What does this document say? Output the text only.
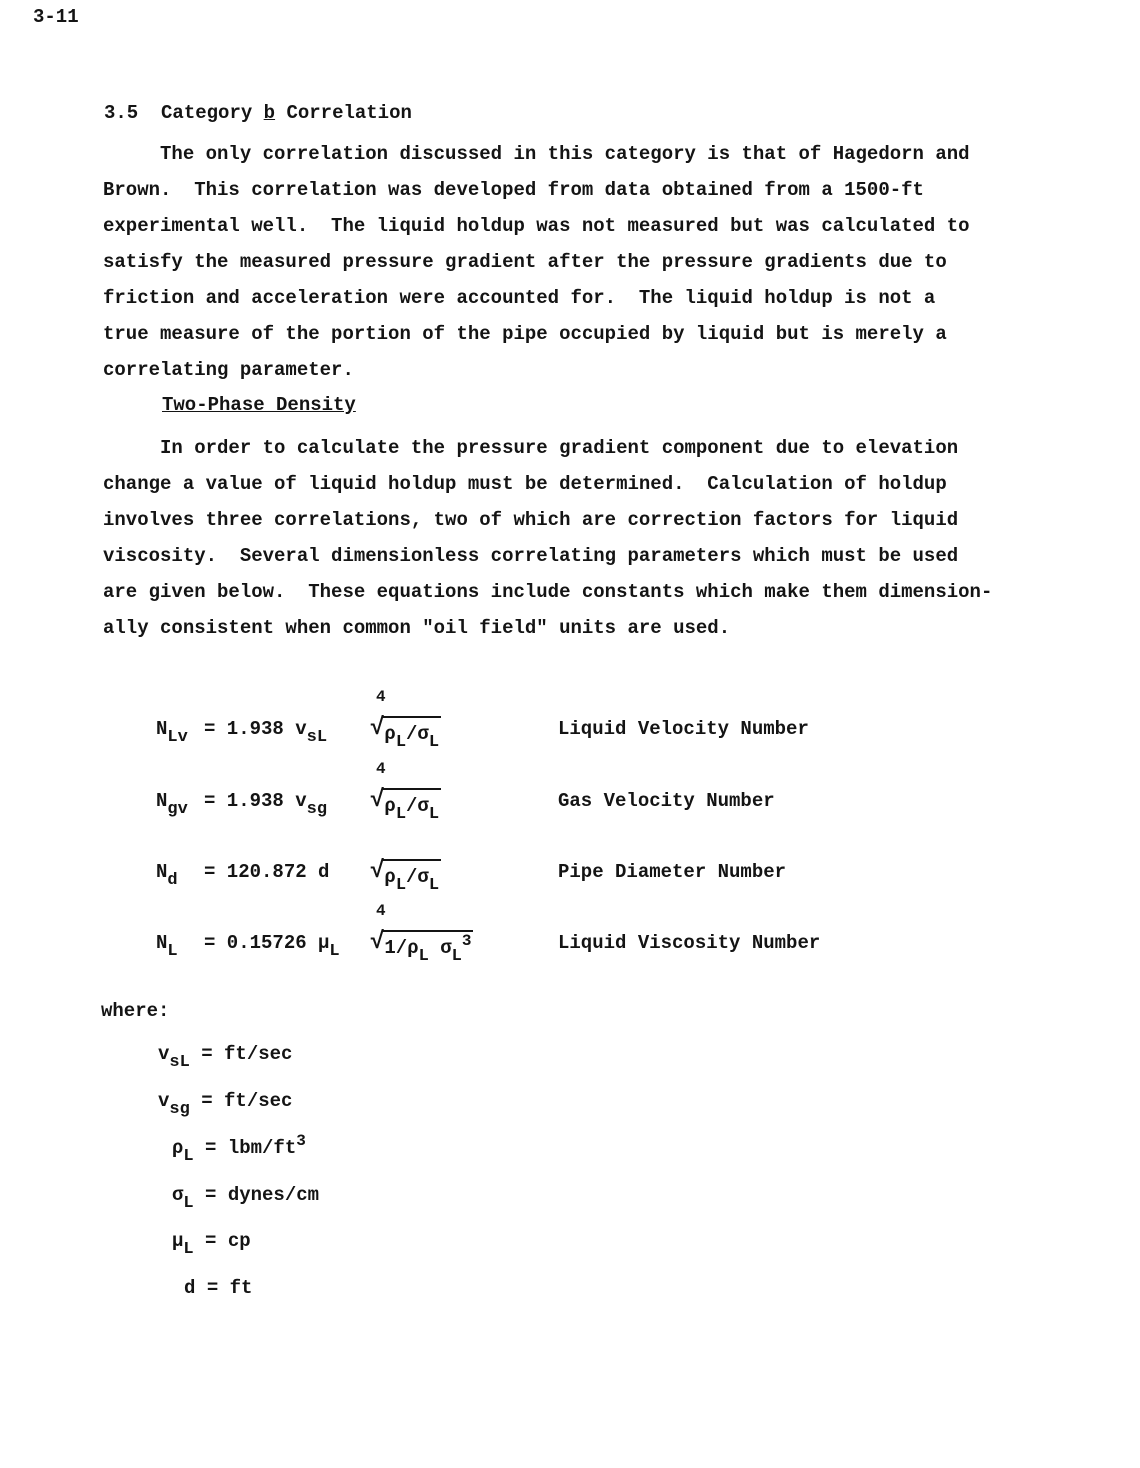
3-11
3.5 Category b Correlation
The only correlation discussed in this category is that of Hagedorn and
Brown.  This correlation was developed from data obtained from a 1500-ft
experimental well.  The liquid holdup was not measured but was calculated to
satisfy the measured pressure gradient after the pressure gradients due to
friction and acceleration were accounted for.  The liquid holdup is not a
true measure of the portion of the pipe occupied by liquid but is merely a
correlating parameter.
Two-Phase Density
In order to calculate the pressure gradient component due to elevation
change a value of liquid holdup must be determined.  Calculation of holdup
involves three correlations, two of which are correction factors for liquid
viscosity.  Several dimensionless correlating parameters which must be used
are given below.  These equations include constants which make them dimension-
ally consistent when common "oil field" units are used.
$N_{Lv} = 1.938$ $v_{sL}$
4
$√\rho_L/\sigma_L$
Liquid Velocity Number
$N_{gv} = 1.938$ $v_{sg}$
4
$√\rho_L/\sigma_L$
Gas Velocity Number
$N_d = 120.872$ d $√\rho_L/\sigma_L$
Pipe Diameter Number
$N_L = 0.15726$ $\mu_L$
4
$√1/\rho_L$ $\sigma_L^3$	Liquid Viscosity Number
where:
$v_{sL} = ft/\sec$
$v_{sg} = ft/\sec$
$\rho_L = lbm/ft^3$
$\sigma_L$ = dynes/cm
$\mu_L$ = cp
d = ft
